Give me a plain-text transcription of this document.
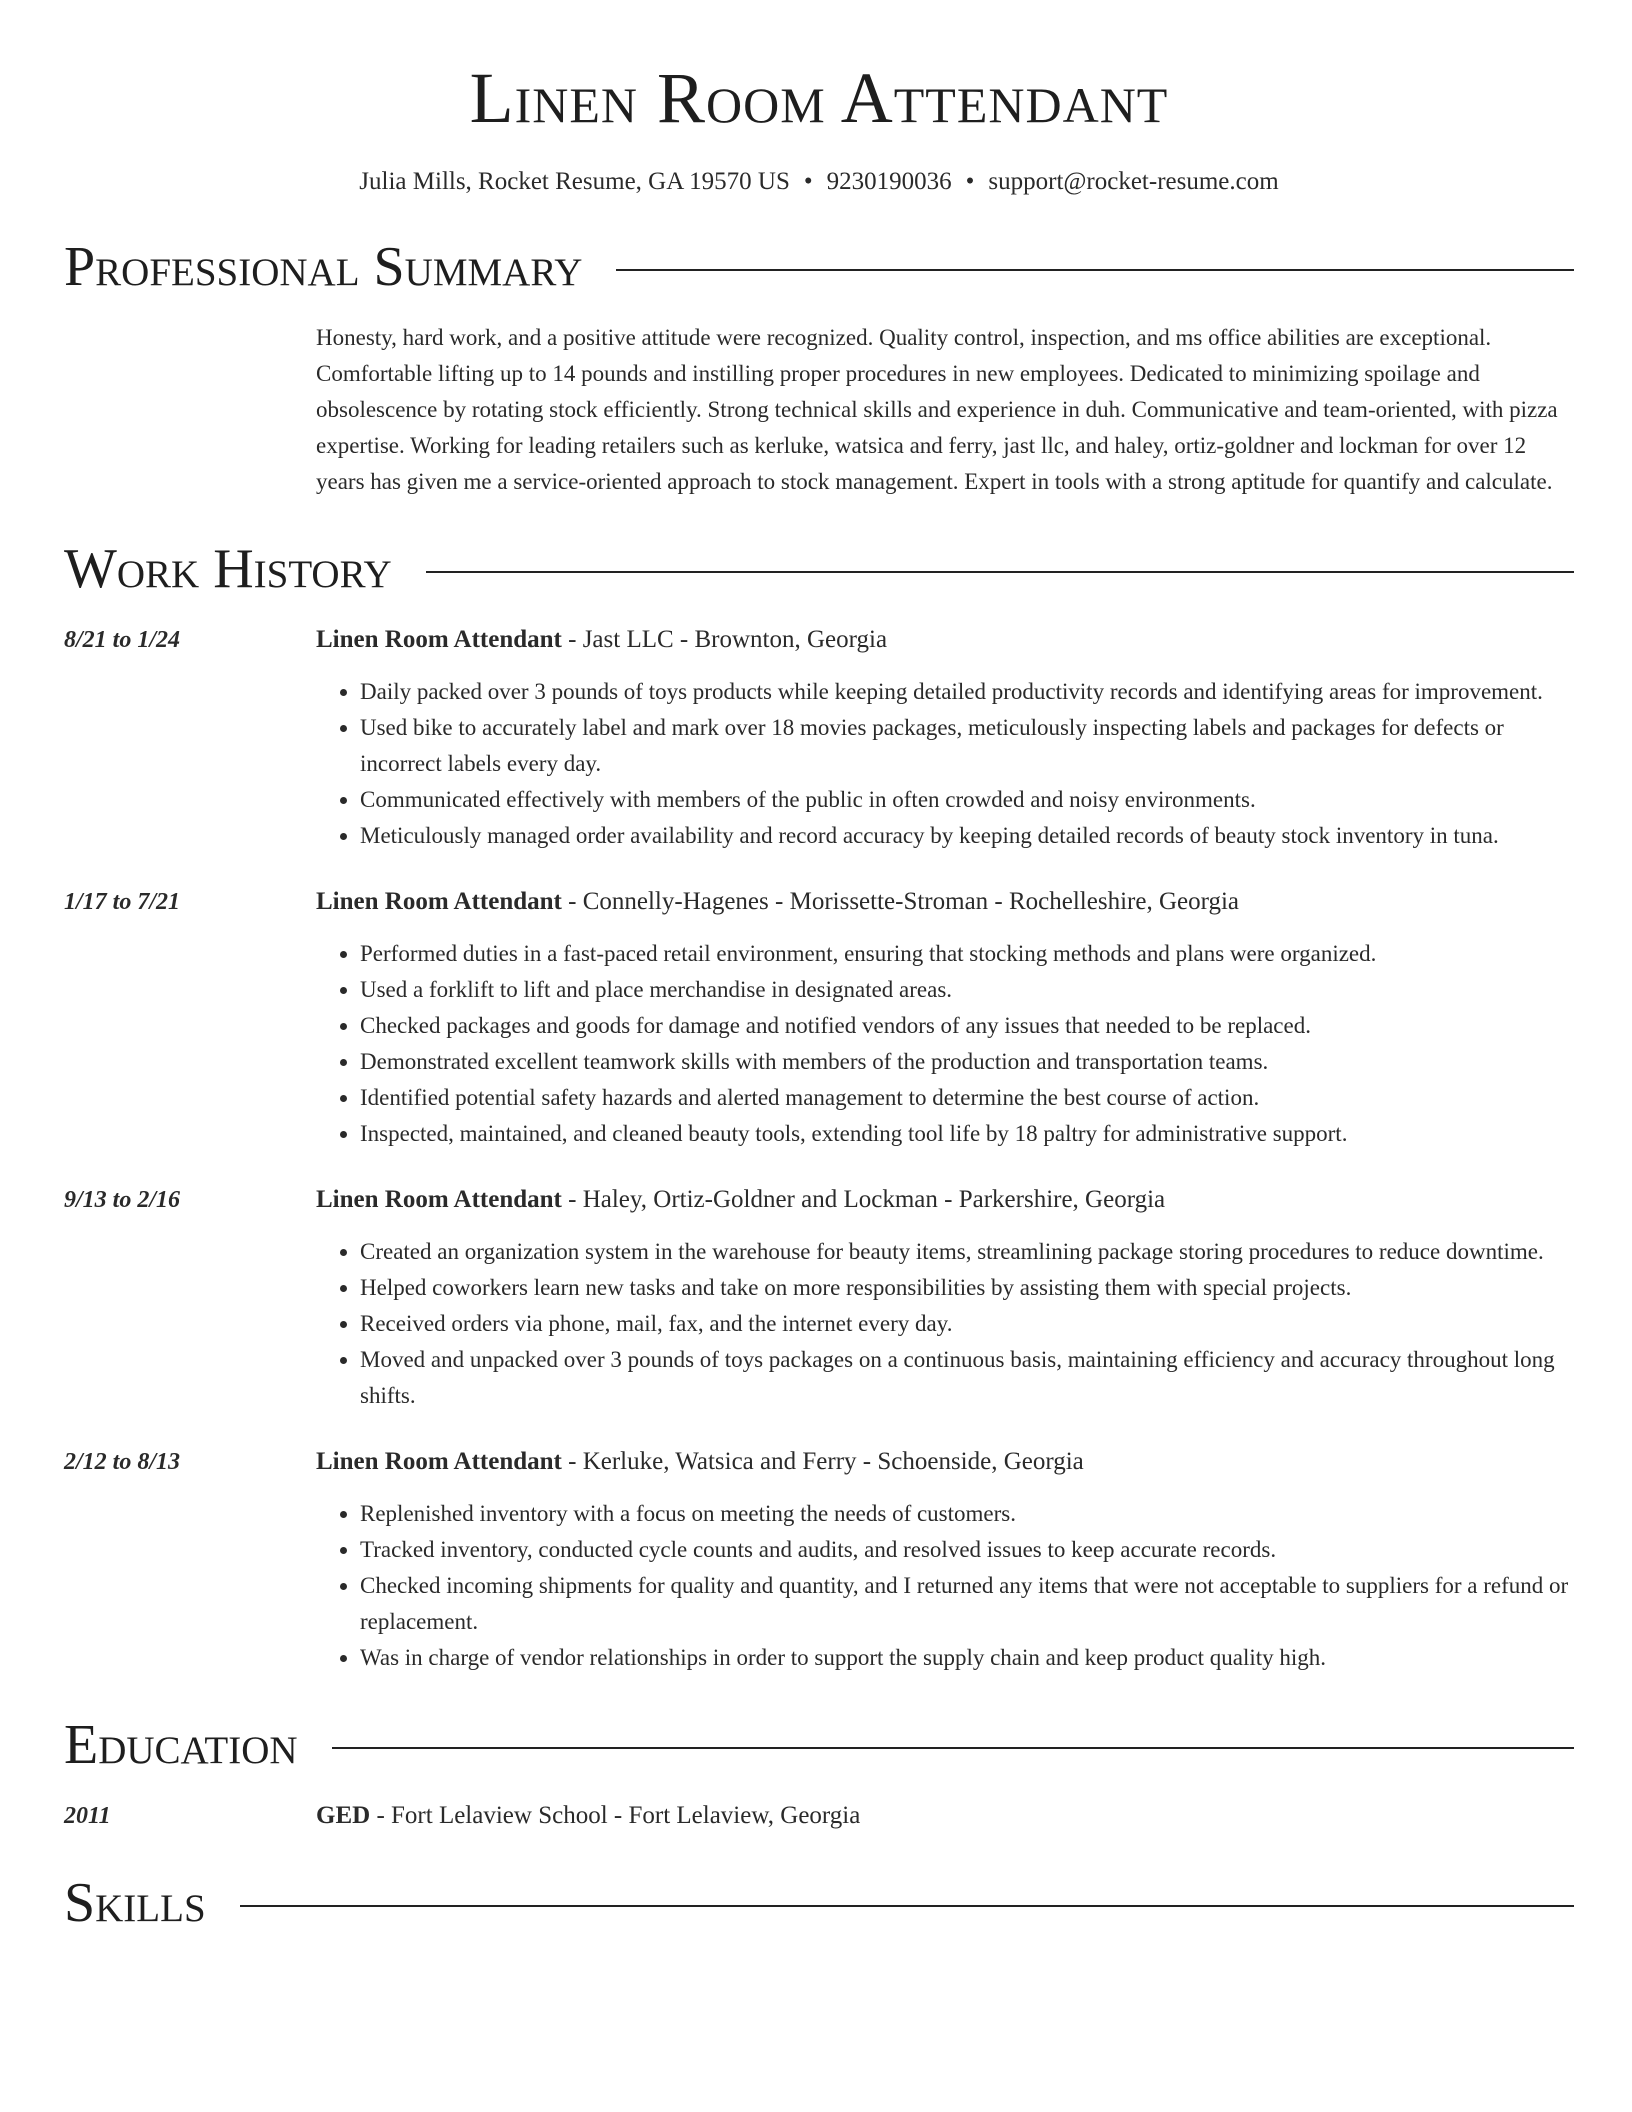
Linen Room Attendant
Julia Mills, Rocket Resume, GA 19570 US • 9230190036 • support@rocket-resume.com
Professional Summary
Honesty, hard work, and a positive attitude were recognized. Quality control, inspection, and ms office abilities are exceptional. Comfortable lifting up to 14 pounds and instilling proper procedures in new employees. Dedicated to minimizing spoilage and obsolescence by rotating stock efficiently. Strong technical skills and experience in duh. Communicative and team-oriented, with pizza expertise. Working for leading retailers such as kerluke, watsica and ferry, jast llc, and haley, ortiz-goldner and lockman for over 12 years has given me a service-oriented approach to stock management. Expert in tools with a strong aptitude for quantify and calculate.
Work History
8/21 to 1/24	Linen Room Attendant - Jast LLC - Brownton, Georgia
• Daily packed over 3 pounds of toys products while keeping detailed productivity records and identifying areas for improvement.
• Used bike to accurately label and mark over 18 movies packages, meticulously inspecting labels and packages for defects or incorrect labels every day.
• Communicated effectively with members of the public in often crowded and noisy environments.
• Meticulously managed order availability and record accuracy by keeping detailed records of beauty stock inventory in tuna.
1/17 to 7/21	Linen Room Attendant - Connelly-Hagenes - Morissette-Stroman - Rochelleshire, Georgia
• Performed duties in a fast-paced retail environment, ensuring that stocking methods and plans were organized.
• Used a forklift to lift and place merchandise in designated areas.
• Checked packages and goods for damage and notified vendors of any issues that needed to be replaced.
• Demonstrated excellent teamwork skills with members of the production and transportation teams.
• Identified potential safety hazards and alerted management to determine the best course of action.
• Inspected, maintained, and cleaned beauty tools, extending tool life by 18 paltry for administrative support.
9/13 to 2/16	Linen Room Attendant - Haley, Ortiz-Goldner and Lockman - Parkershire, Georgia
• Created an organization system in the warehouse for beauty items, streamlining package storing procedures to reduce downtime.
• Helped coworkers learn new tasks and take on more responsibilities by assisting them with special projects.
• Received orders via phone, mail, fax, and the internet every day.
• Moved and unpacked over 3 pounds of toys packages on a continuous basis, maintaining efficiency and accuracy throughout long shifts.
2/12 to 8/13	Linen Room Attendant - Kerluke, Watsica and Ferry - Schoenside, Georgia
• Replenished inventory with a focus on meeting the needs of customers.
• Tracked inventory, conducted cycle counts and audits, and resolved issues to keep accurate records.
• Checked incoming shipments for quality and quantity, and I returned any items that were not acceptable to suppliers for a refund or replacement.
• Was in charge of vendor relationships in order to support the supply chain and keep product quality high.
Education
2011	GED - Fort Lelaview School - Fort Lelaview, Georgia
Skills
